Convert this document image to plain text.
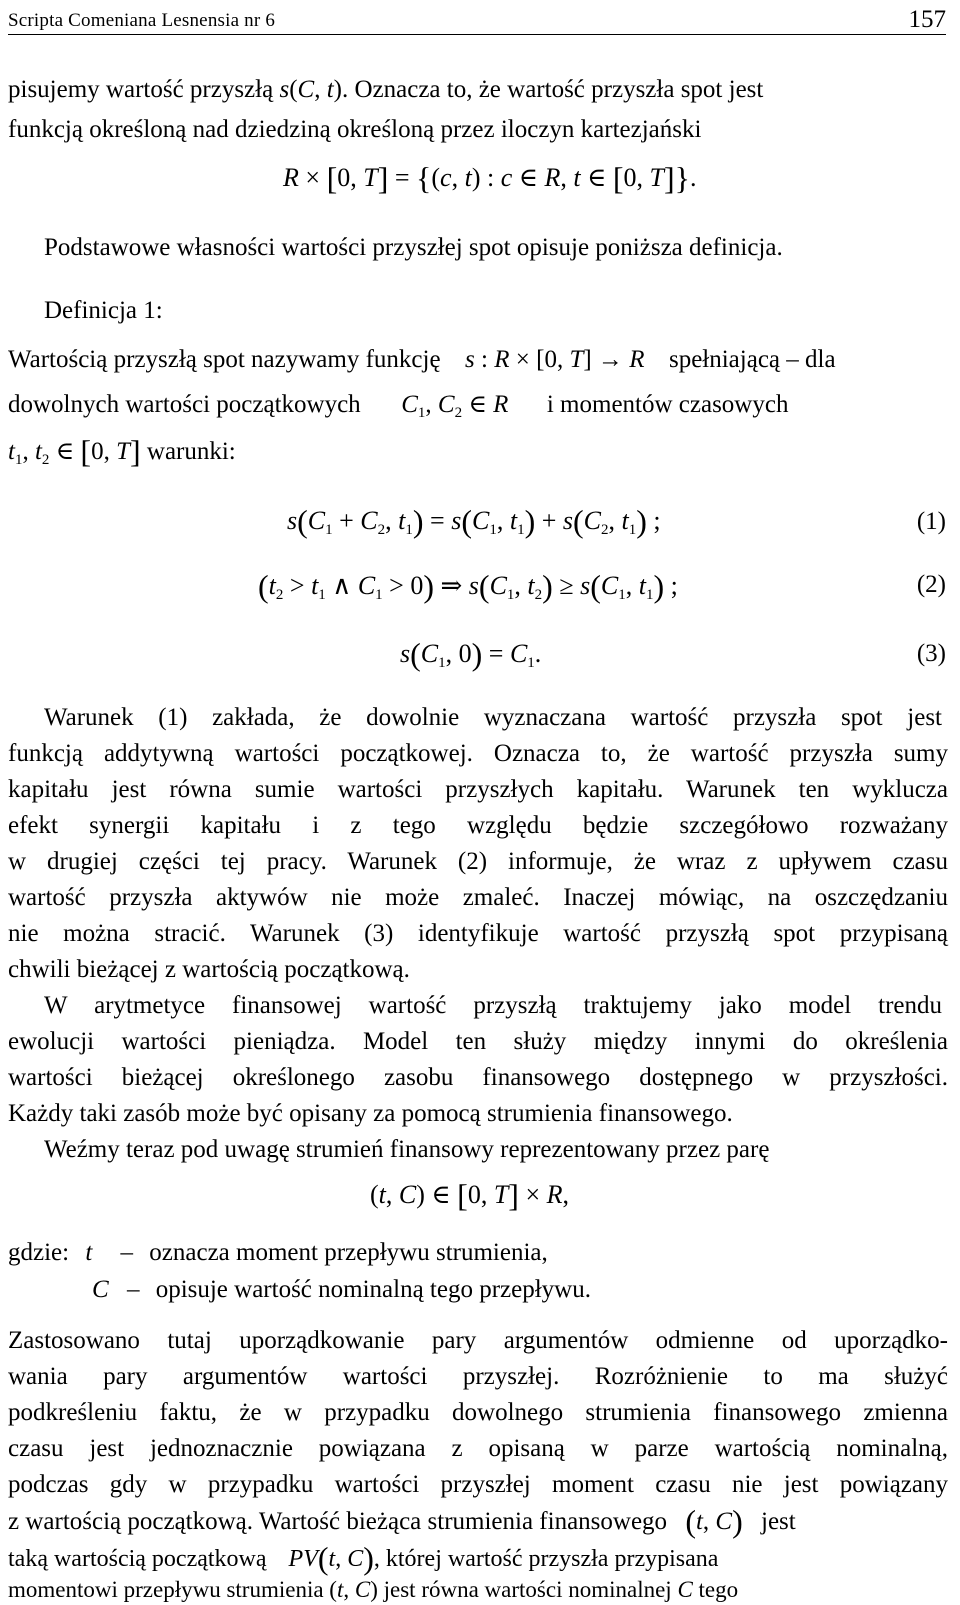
Scripta Comeniana Lesnensia nr 6	157
pisujemy wartość przyszłą s(C, t). Oznacza to, że wartość przyszła spot jest
funkcją określoną nad dziedziną określoną przez iloczyn kartezjański
R × [0, T] = {(c, t) : c ∈ R, t ∈ [0, T]}.
Podstawowe własności wartości przyszłej spot opisuje poniższa definicja.
Definicja 1:
Wartością przyszłą spot nazywamy funkcję s : R × [0, T] → R spełniającą – dla
dowolnych wartości początkowych $C_1$, $C_2$ ∈ R i momentów czasowych
$t_1$, $t_2$ ∈ [0, T] warunki:
$s(C_1 + C_2$, $t_1) = s(C_1$, $t_1) + s(C_2$, $t_1$) ;	(1)
($t_2 > t_1$ ∧ $C_1 > 0$) ⇒ $s(C_1$, $t_2) \ge s(C_1$, $t_1$) ;	(2)
$s(C_1$, $0) = C_1$.	(3)
Warunek (1) zakłada, że dowolnie wyznaczana wartość przyszła spot jest
funkcją addytywną wartości początkowej. Oznacza to, że wartość przyszła sumy
kapitału jest równa sumie wartości przyszłych kapitału. Warunek ten wyklucza
efekt synergii kapitału i z tego względu będzie szczegółowo rozważany
w drugiej części tej pracy. Warunek (2) informuje, że wraz z upływem czasu
wartość przyszła aktywów nie może zmaleć. Inaczej mówiąc, na oszczędzaniu
nie można stracić. Warunek (3) identyfikuje wartość przyszłą spot przypisaną
chwili bieżącej z wartością początkową.
W arytmetyce finansowej wartość przyszłą traktujemy jako model trendu
ewolucji wartości pieniądza. Model ten służy między innymi do określenia
wartości bieżącej określonego zasobu finansowego dostępnego w przyszłości.
Każdy taki zasób może być opisany za pomocą strumienia finansowego.
Weźmy teraz pod uwagę strumień finansowy reprezentowany przez parę
(t, C) ∈ [0, T] × R,
gdzie: t – oznacza moment przepływu strumienia,
C – opisuje wartość nominalną tego przepływu.
Zastosowano tutaj uporządkowanie pary argumentów odmienne od uporządko-
wania pary argumentów wartości przyszłej. Rozróżnienie to ma służyć
podkreśleniu faktu, że w przypadku dowolnego strumienia finansowego zmienna
czasu jest jednoznacznie powiązana z opisaną w parze wartością nominalną,
podczas gdy w przypadku wartości przyszłej moment czasu nie jest powiązany
z wartością początkową. Wartość bieżąca strumienia finansowego (t, C) jest
taką wartością początkową PV(t, C), której wartość przyszła przypisana
momentowi przepływu strumienia (t, C) jest równa wartości nominalnej C tego
